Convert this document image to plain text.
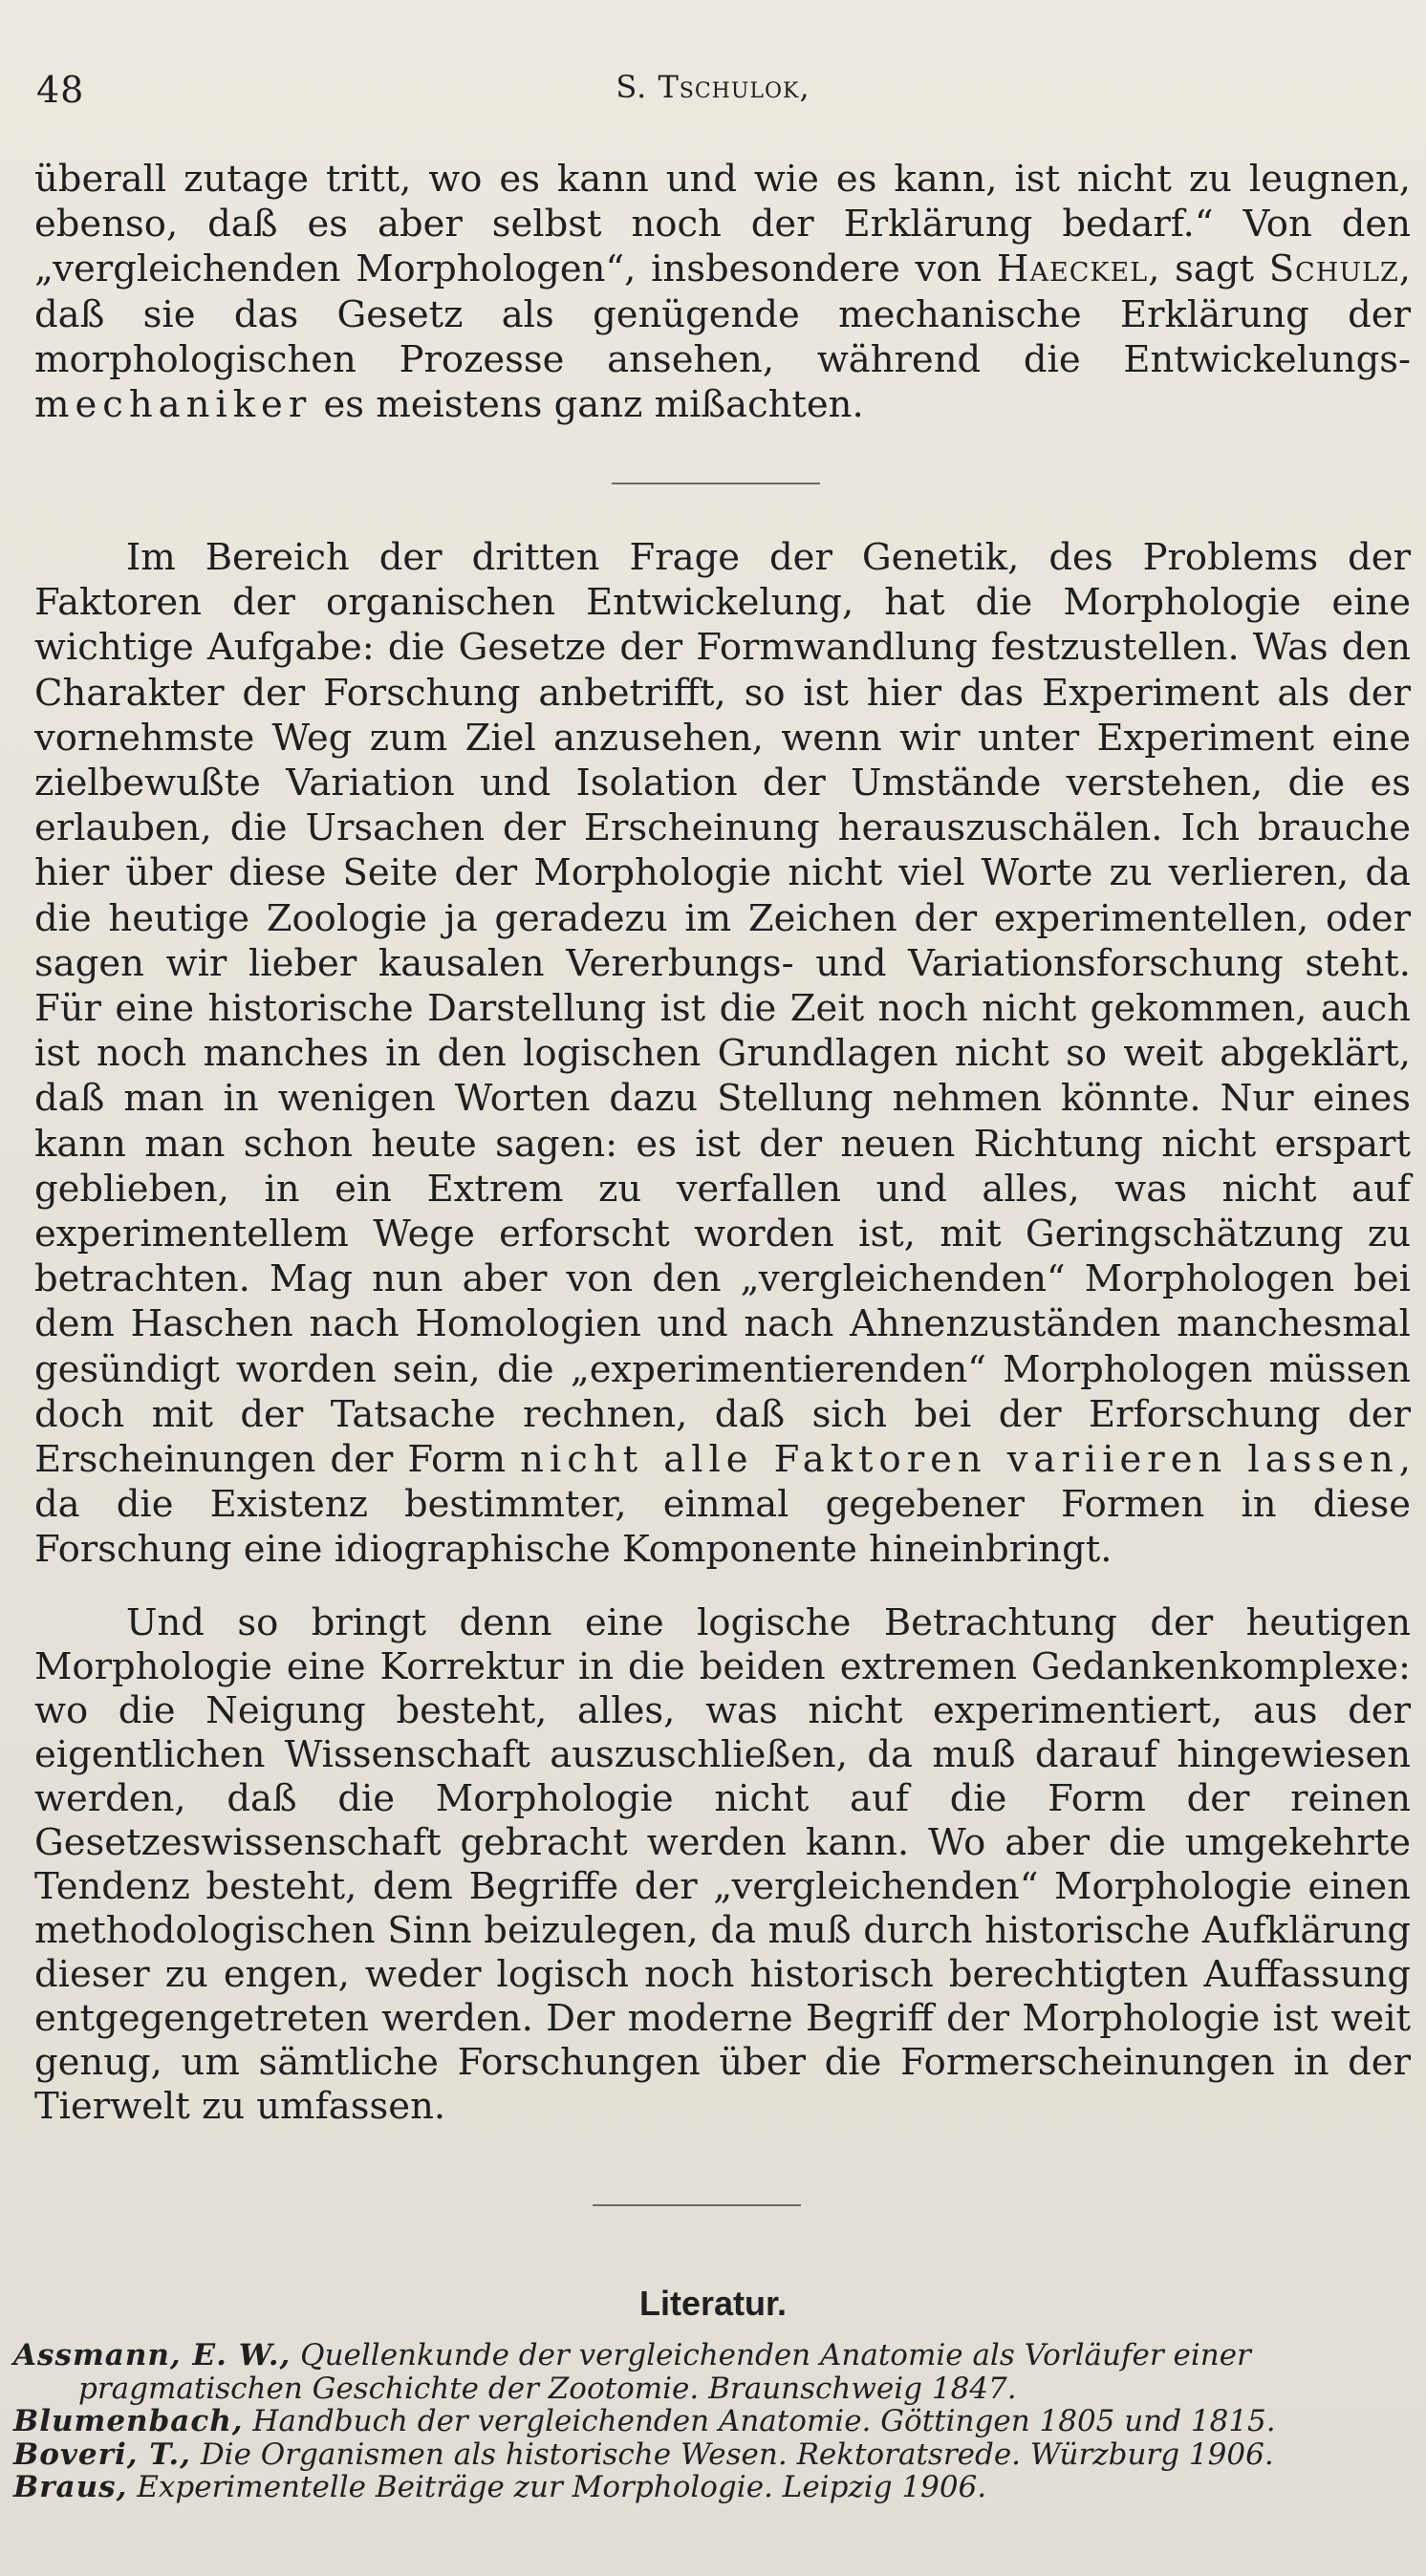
48	S. Tschulok,

überall zutage tritt, wo es kann und wie es kann, ist nicht zu leugnen, ebenso, daß es aber selbst noch der Erklärung bedarf.“ Von den „vergleichenden Morphologen“, insbesondere von Haeckel, sagt Schulz, daß sie das Gesetz als genügende mechanische Erklärung der morphologischen Prozesse ansehen, während die Entwickelungs-mechaniker es meistens ganz mißachten.

Im Bereich der dritten Frage der Genetik, des Problems der Faktoren der organischen Entwickelung, hat die Morphologie eine wichtige Aufgabe: die Gesetze der Formwandlung festzustellen. Was den Charakter der Forschung anbetrifft, so ist hier das Experiment als der vornehmste Weg zum Ziel anzusehen, wenn wir unter Experiment eine zielbewußte Variation und Isolation der Umstände verstehen, die es erlauben, die Ursachen der Erscheinung herauszuschälen. Ich brauche hier über diese Seite der Morphologie nicht viel Worte zu verlieren, da die heutige Zoologie ja geradezu im Zeichen der experimentellen, oder sagen wir lieber kausalen Vererbungs- und Variationsforschung steht. Für eine historische Darstellung ist die Zeit noch nicht gekommen, auch ist noch manches in den logischen Grundlagen nicht so weit abgeklärt, daß man in wenigen Worten dazu Stellung nehmen könnte. Nur eines kann man schon heute sagen: es ist der neuen Richtung nicht erspart geblieben, in ein Extrem zu verfallen und alles, was nicht auf experimentellem Wege erforscht worden ist, mit Geringschätzung zu betrachten. Mag nun aber von den „vergleichenden“ Morphologen bei dem Haschen nach Homologien und nach Ahnenzuständen manchesmal gesündigt worden sein, die „experimentierenden“ Morphologen müssen doch mit der Tatsache rechnen, daß sich bei der Erforschung der Erscheinungen der Form nicht alle Faktoren variieren lassen, da die Existenz bestimmter, einmal gegebener Formen in diese Forschung eine idiographische Komponente hineinbringt.

Und so bringt denn eine logische Betrachtung der heutigen Morphologie eine Korrektur in die beiden extremen Gedankenkomplexe: wo die Neigung besteht, alles, was nicht experimentiert, aus der eigentlichen Wissenschaft auszuschließen, da muß darauf hingewiesen werden, daß die Morphologie nicht auf die Form der reinen Gesetzeswissenschaft gebracht werden kann. Wo aber die umgekehrte Tendenz besteht, dem Begriffe der „vergleichenden“ Morphologie einen methodologischen Sinn beizulegen, da muß durch historische Aufklärung dieser zu engen, weder logisch noch historisch berechtigten Auffassung entgegengetreten werden. Der moderne Begriff der Morphologie ist weit genug, um sämtliche Forschungen über die Formerscheinungen in der Tierwelt zu umfassen.

Literatur.

Assmann, E. W., Quellenkunde der vergleichenden Anatomie als Vorläufer einer pragmatischen Geschichte der Zootomie. Braunschweig 1847.

Blumenbach, Handbuch der vergleichenden Anatomie. Göttingen 1805 und 1815.

Boveri, T., Die Organismen als historische Wesen. Rektoratsrede. Würzburg 1906.

Braus, Experimentelle Beiträge zur Morphologie. Leipzig 1906.
